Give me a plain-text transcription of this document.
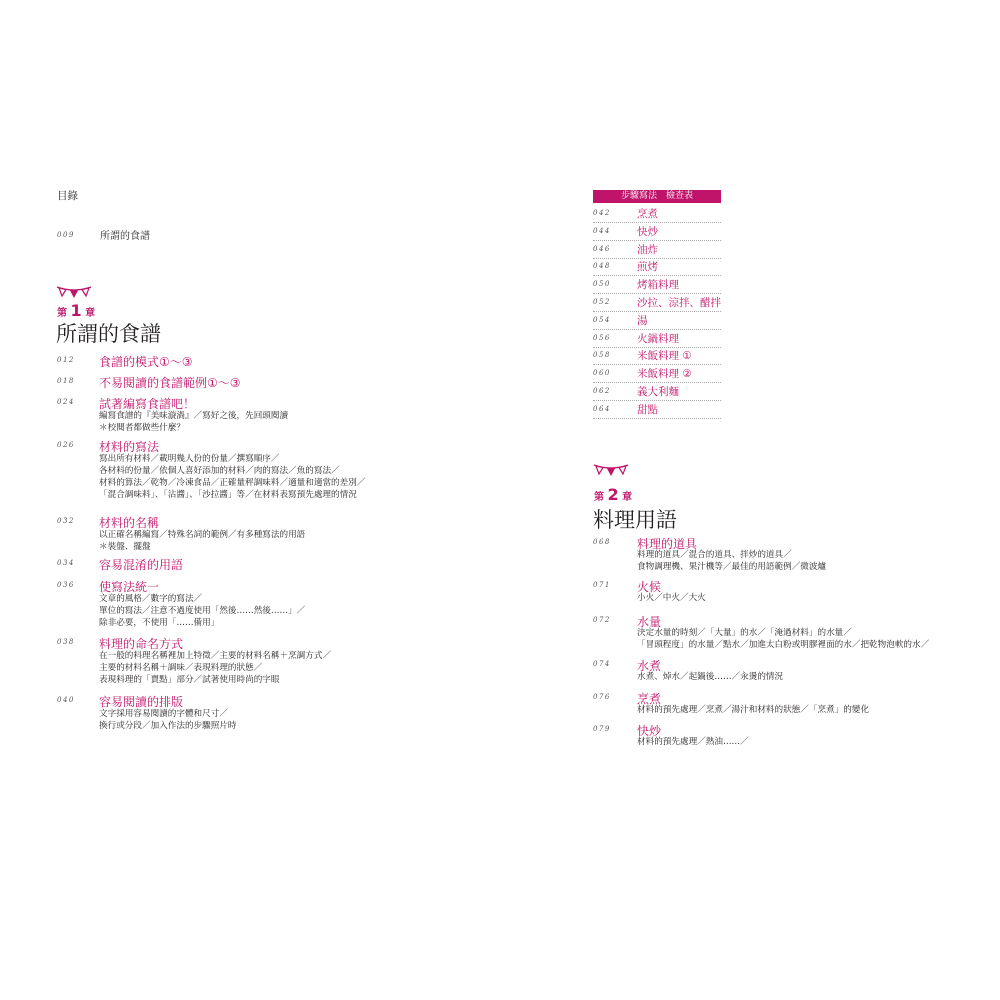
目錄
009	所謂的食譜
第 1 章
所謂的食譜
012 食譜的模式①〜③
018 不易閱讀的食譜範例①〜③
024 試著編寫食譜吧！
編寫食譜的『美味漩渦』／寫好之後，先回頭閱讀
＊校閱者都做些什麼？
026 材料的寫法
寫出所有材料／載明幾人份的份量／撰寫順序／
各材料的份量／依個人喜好添加的材料／肉的寫法／魚的寫法／
材料的算法／乾物／冷凍食品／正確量秤調味料／適量和適當的差別／
「混合調味料」、「沾醬」、「沙拉醬」等／在材料表寫預先處理的情況
032 材料的名稱
以正確名稱編寫／特殊名詞的範例／有多種寫法的用語
＊裝盤、擺盤
034 容易混淆的用語
036 使寫法統一
文章的風格／數字的寫法／
單位的寫法／注意不過度使用「然後……然後……」／
除非必要，不使用「……備用」
038 料理的命名方式
在一般的料理名稱裡加上特徵／主要的材料名稱＋烹調方式／
主要的材料名稱＋調味／表現料理的狀態／
表現料理的「賣點」部分／試著使用時尚的字眼
040 容易閱讀的排版
文字採用容易閱讀的字體和尺寸／
換行或分段／加入作法的步驟照片時
步驟寫法　檢查表
042 烹煮
044 快炒
046 油炸
048 煎烤
050 烤箱料理
052 沙拉、涼拌、醋拌
054 湯
056 火鍋料理
058 米飯料理 ①
060 米飯料理 ②
062 義大利麵
064 甜點
第 2 章
料理用語
068 料理的道具
料理的道具／混合的道具、拌炒的道具／
食物調理機、果汁機等／最佳的用語範例／微波爐
071 火候
小火／中火／大火
072 水量
決定水量的時刻／「大量」的水／「淹過材料」的水量／
「冒頭程度」的水量／點水／加進太白粉或明膠裡面的水／把乾物泡軟的水／
074 水煮
水煮、焯水／起鍋後……／汆燙的情況
076 烹煮
材料的預先處理／烹煮／湯汁和材料的狀態／「烹煮」的變化
079 快炒
材料的預先處理／熱油……／
